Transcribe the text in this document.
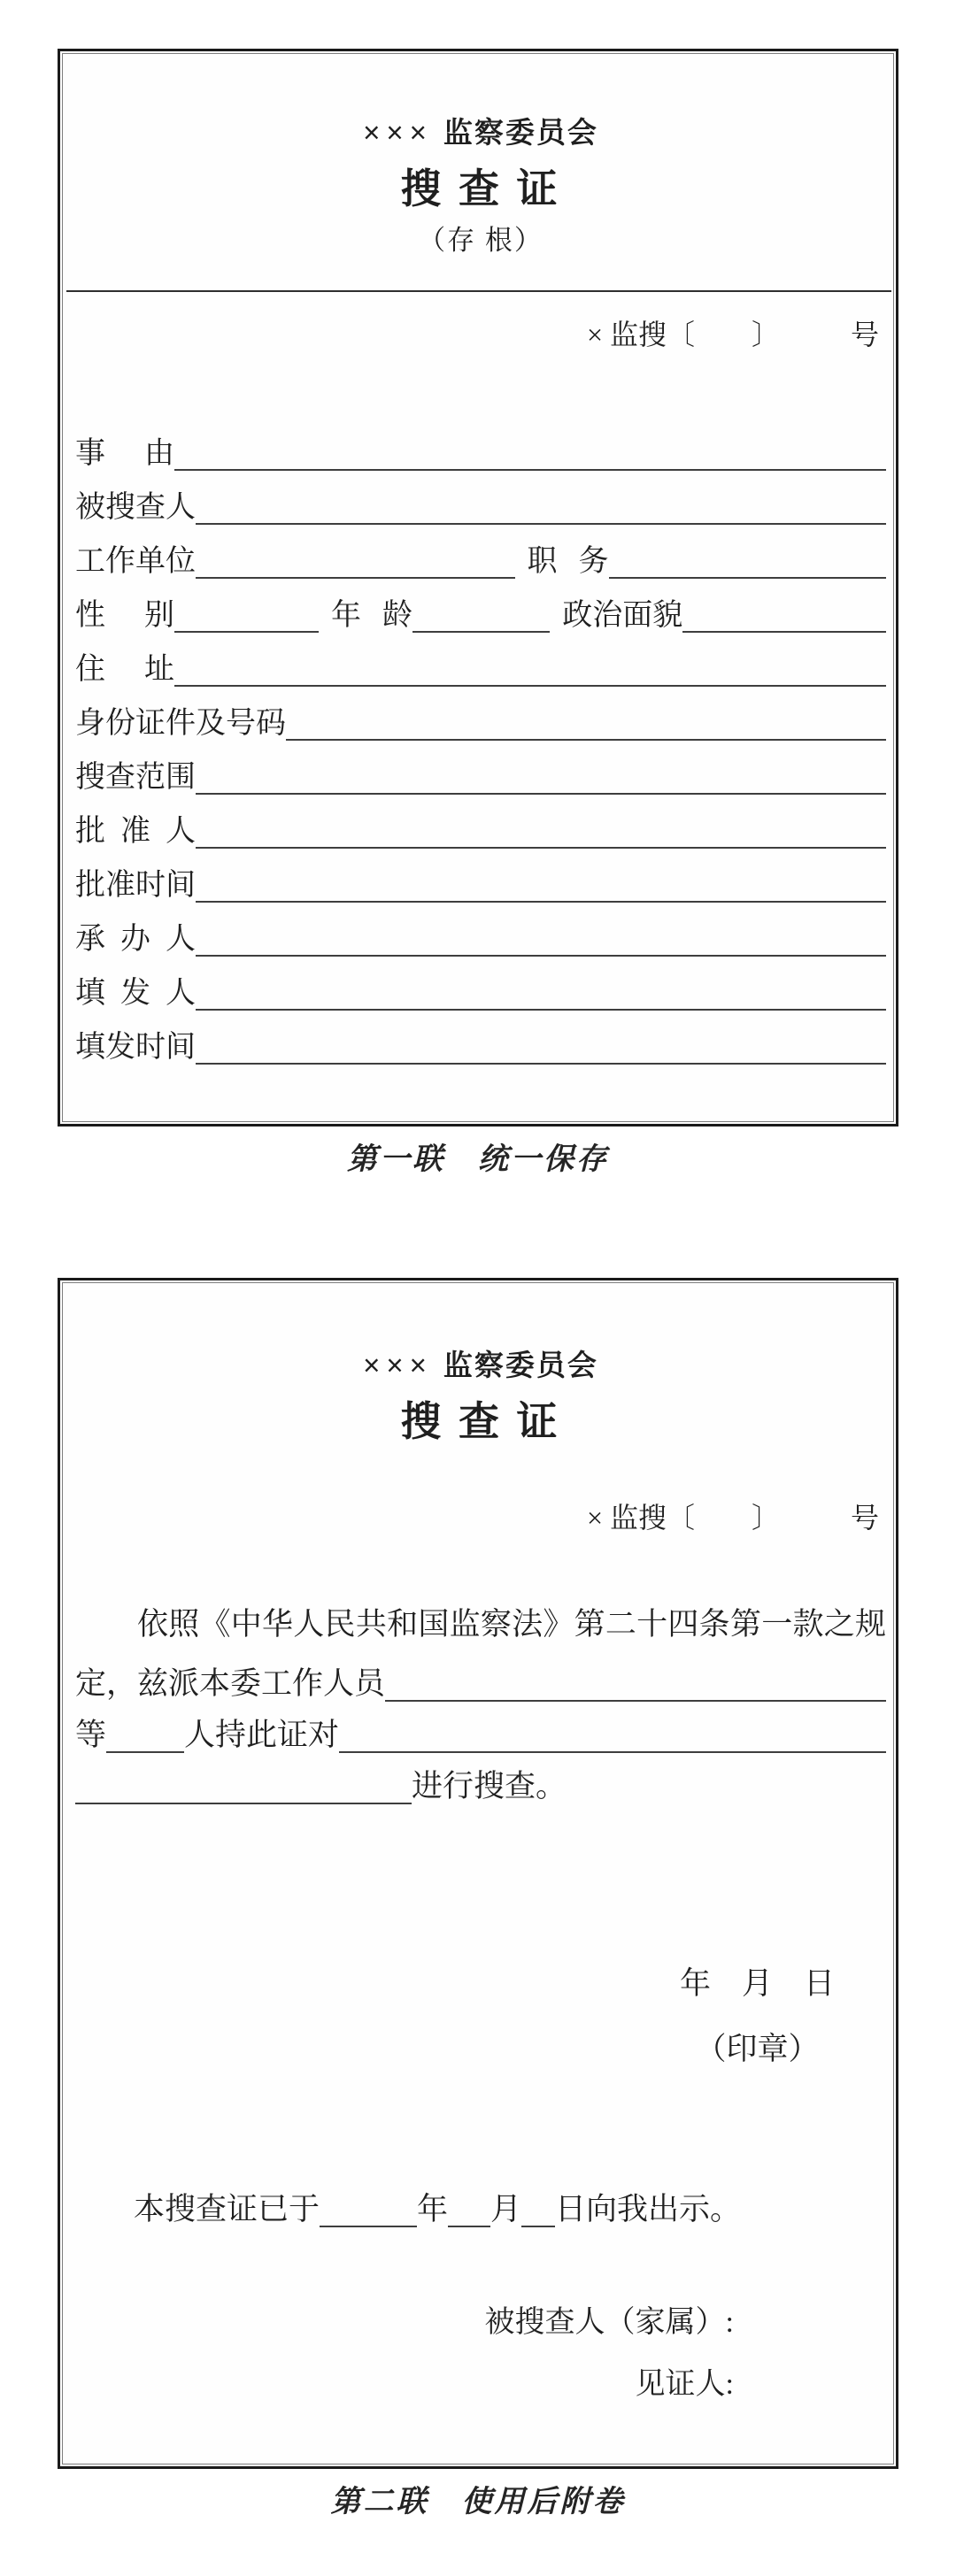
××× 监察委员会
搜 查 证
（存 根）
× 监搜〔　　〕　　　号
事 由
被搜查人
工作单位	职 务
性 别	年 龄	政治面貌
住 址
身份证件及号码
搜查范围
批 准 人
批准时间
承 办 人
填 发 人
填发时间
第一联　统一保存
××× 监察委员会
搜 查 证
× 监搜〔　　〕　　　号
依照《中华人民共和国监察法》第二十四条第一款之规
定，兹派本委工作人员
等	人持此证对
进行搜查。
年　月　日
（印章）
本搜查证已于	年 月 日向我出示。
被搜查人（家属）:
见证人:
第二联　使用后附卷
